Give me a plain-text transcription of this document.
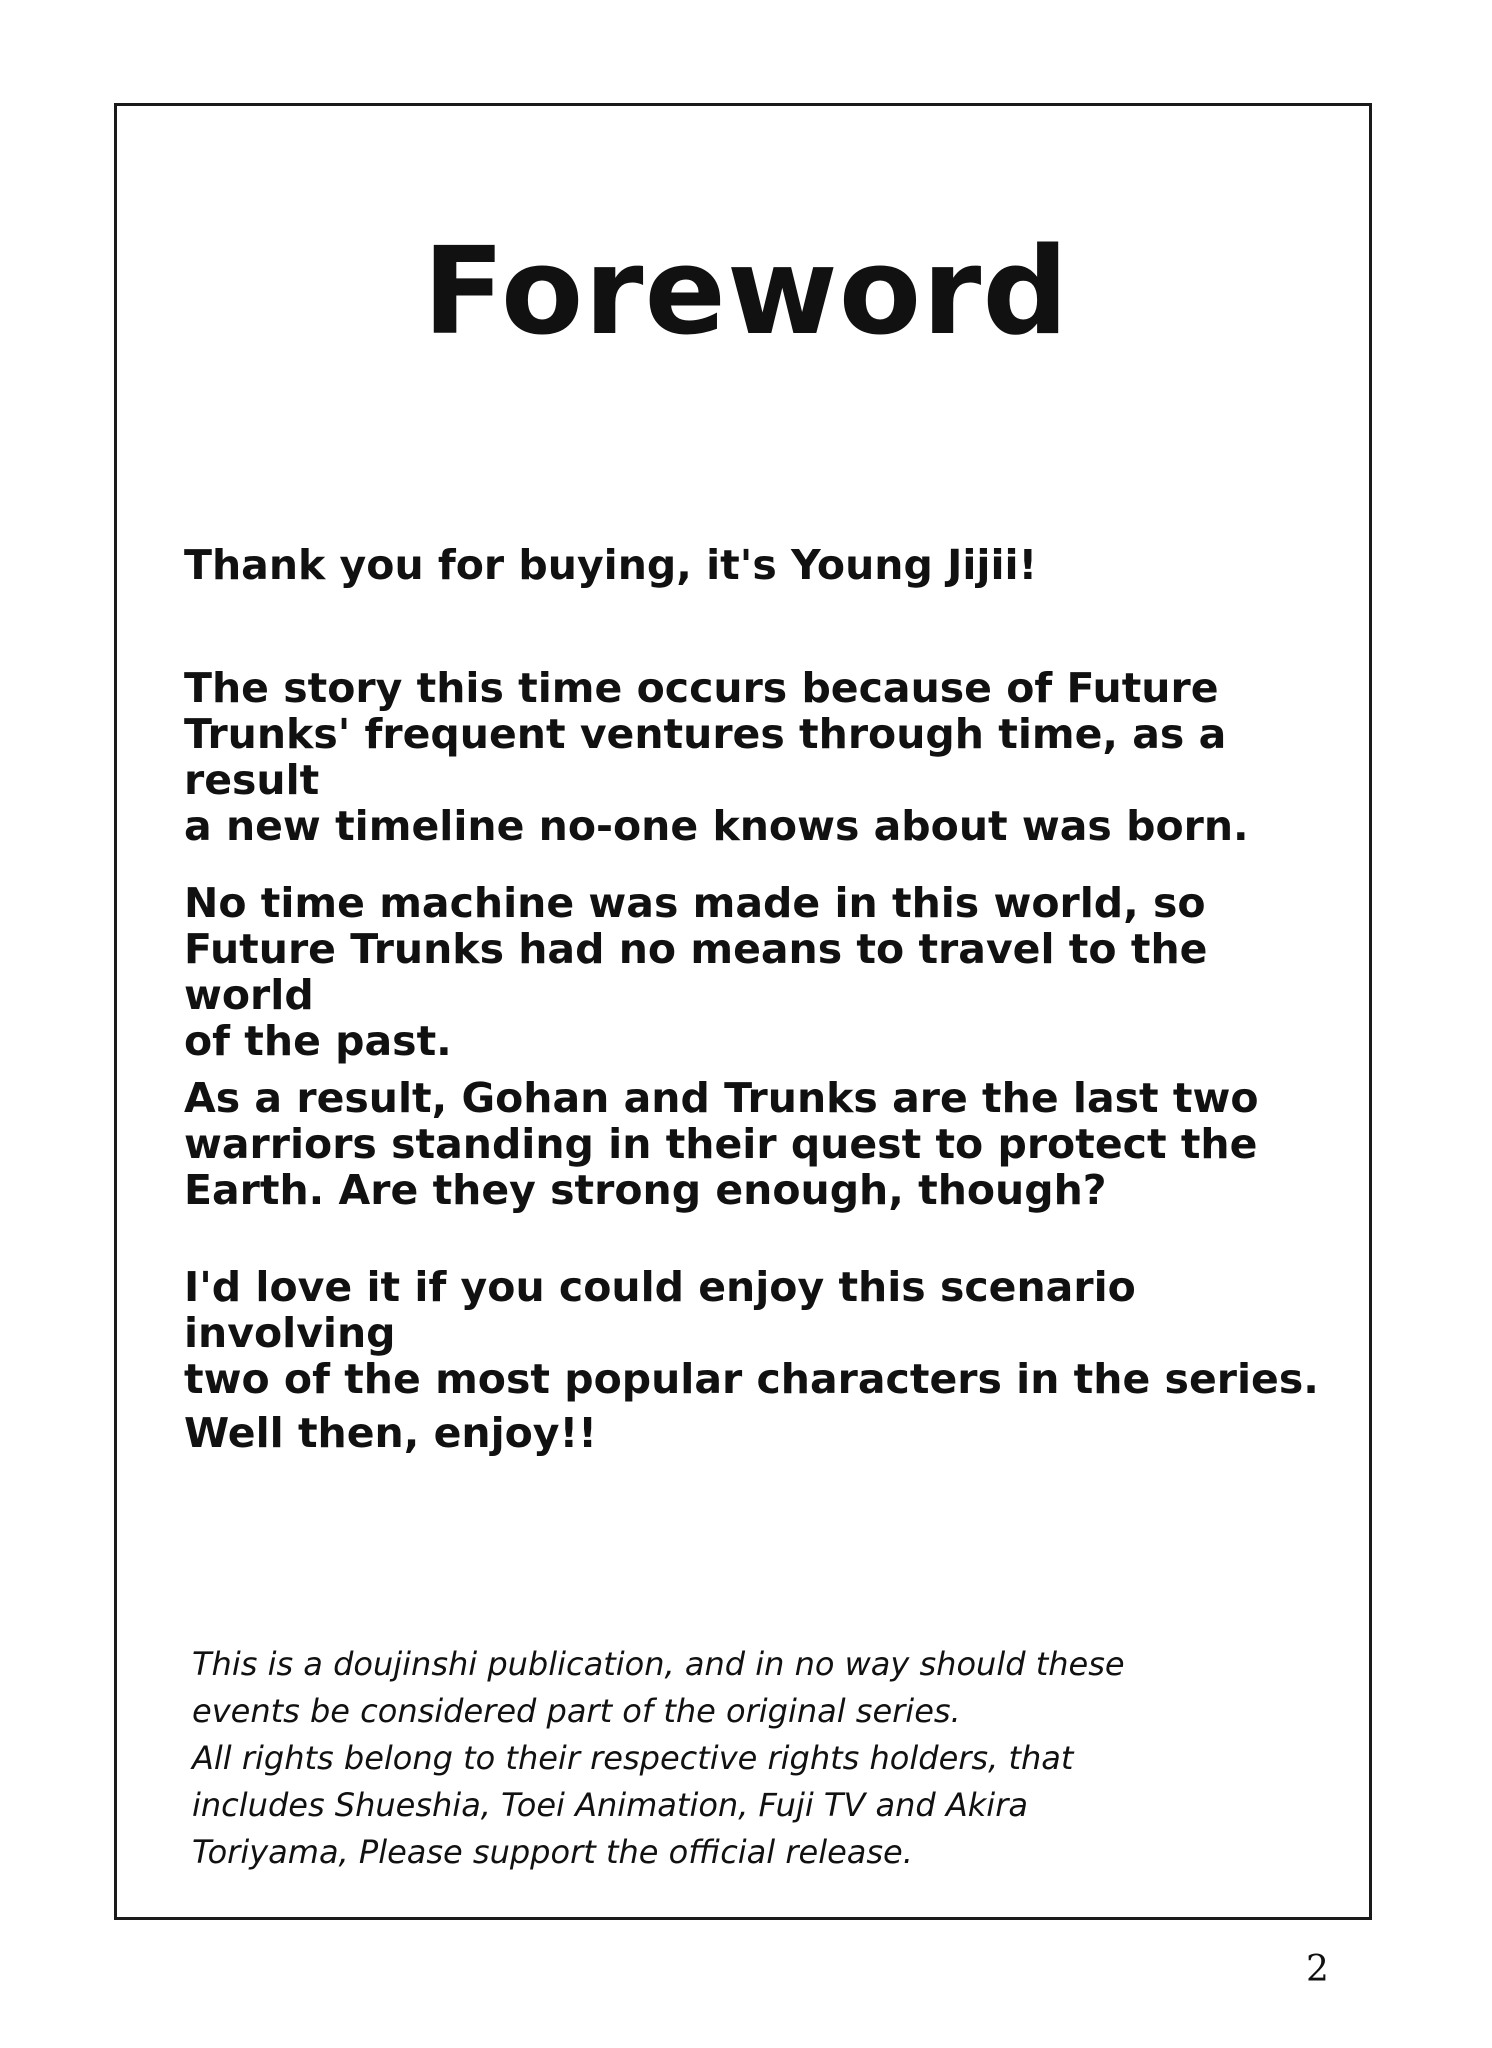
Foreword

Thank you for buying, it's Young Jijii!

The story this time occurs because of Future
Trunks' frequent ventures through time, as a result
a new timeline no-one knows about was born.

No time machine was made in this world, so
Future Trunks had no means to travel to the world
of the past.

As a result, Gohan and Trunks are the last two
warriors standing in their quest to protect the
Earth. Are they strong enough, though?

I'd love it if you could enjoy this scenario involving
two of the most popular characters in the series.

Well then, enjoy!!

This is a doujinshi publication, and in no way should these
events be considered part of the original series.
All rights belong to their respective rights holders, that
includes Shueshia, Toei Animation, Fuji TV and Akira
Toriyama, Please support the official release.

2
